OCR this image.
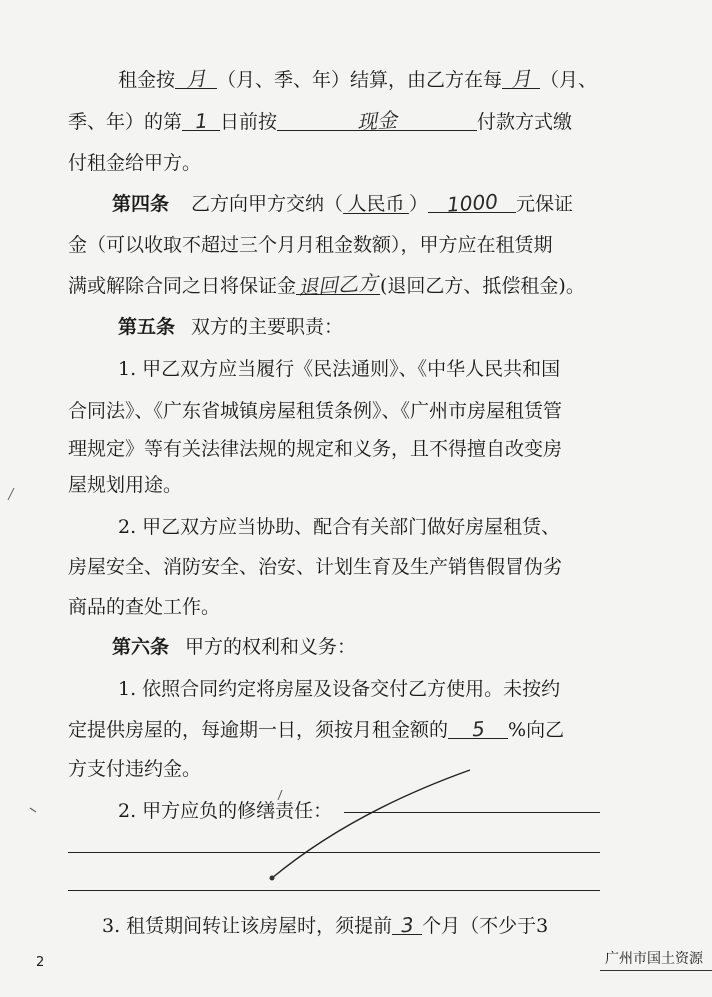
租金按 月 （月、季、年）结算，由乙方在每 月 （月、
季、年）的第 1 日前按	现金	付款方式缴
付租金给甲方。
第四条 乙方向甲方交纳（ 人民币 ） 1000 元保证
金（可以收取不超过三个月月租金数额），甲方应在租赁期
满或解除合同之日将保证金退回乙方(退回乙方、抵偿租金)。
第五条 双方的主要职责：
1. 甲乙双方应当履行《民法通则》、《中华人民共和国
合同法》、《广东省城镇房屋租赁条例》、《广州市房屋租赁管
理规定》等有关法律法规的规定和义务，且不得擅自改变房
屋规划用途。
2. 甲乙双方应当协助、配合有关部门做好房屋租赁、
房屋安全、消防安全、治安、计划生育及生产销售假冒伪劣
商品的查处工作。
第六条 甲方的权利和义务：
1. 依照合同约定将房屋及设备交付乙方使用。未按约
定提供房屋的，每逾期一日，须按月租金额的 5 %向乙
方支付违约金。
2. 甲方应负的修缮责任：
3. 租赁期间转让该房屋时，须提前 3 个月（不少于3
2	广州市国土资源
